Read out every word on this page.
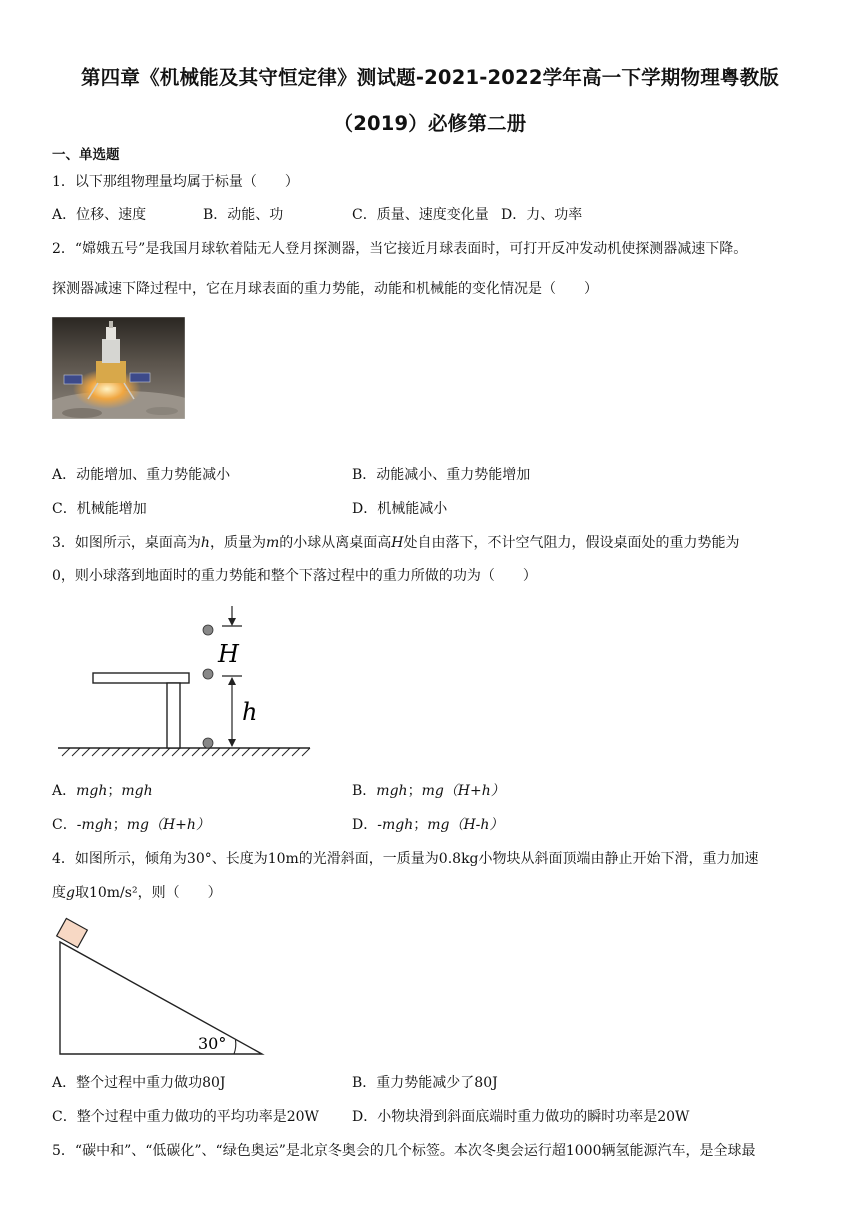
第四章《机械能及其守恒定律》测试题-2021-2022学年高一下学期物理粤教版
（2019）必修第二册
一、单选题
1．以下那组物理量均属于标量（　　）
A．位移、速度	B．动能、功	C．质量、速度变化量 D．力、功率
2．“嫦娥五号”是我国月球软着陆无人登月探测器，当它接近月球表面时，可打开反冲发动机使探测器减速下降。
探测器减速下降过程中，它在月球表面的重力势能，动能和机械能的变化情况是（　　）
A．动能增加、重力势能减小	B．动能减小、重力势能增加
C．机械能增加	D．机械能减小
3．如图所示，桌面高为h，质量为m的小球从离桌面高H处自由落下，不计空气阻力，假设桌面处的重力势能为
0，则小球落到地面时的重力势能和整个下落过程中的重力所做的功为（　　）
H
h
A．mgh；mgh	B．mgh；mg（H+h）
C．-mgh；mg（H+h）	D．-mgh；mg（H-h）
4．如图所示，倾角为30°、长度为10m的光滑斜面，一质量为0.8kg小物块从斜面顶端由静止开始下滑，重力加速
度g取10m/s²，则（　　）
30°
A．整个过程中重力做功80J	B．重力势能减少了80J
C．整个过程中重力做功的平均功率是20W D．小物块滑到斜面底端时重力做功的瞬时功率是20W
5．“碳中和”、“低碳化”、“绿色奥运”是北京冬奥会的几个标签。本次冬奥会运行超1000辆氢能源汽车，是全球最
